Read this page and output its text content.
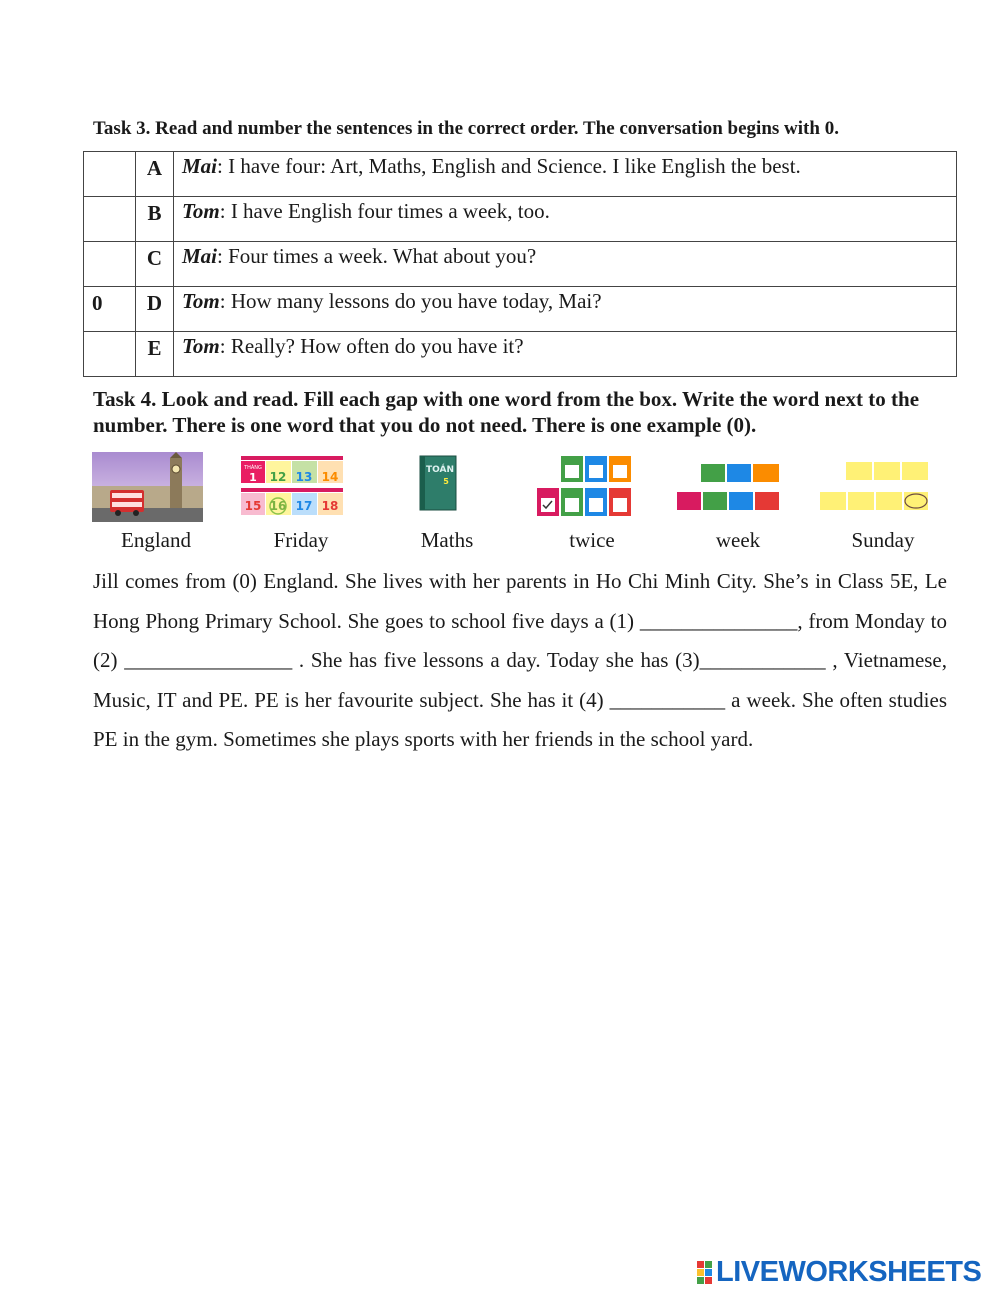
Task 3. Read and number the sentences in the correct order. The conversation begins with 0.
	A	Mai: I have four: Art, Maths, English and Science. I like English the best.
	B	Tom: I have English four times a week, too.
	C	Mai: Four times a week. What about you?
0	D	Tom: How many lessons do you have today, Mai?
	E	Tom: Really? How often do you have it?
Task 4. Look and read. Fill each gap with one word from the box. Write the word next to the number. There is one word that you do not need. There is one example (0).
THÁNG
1 12 13 14
15 16 17 18
TOÁN
5
England	Friday	Maths	twice	week	Sunday
Jill comes from (0) England. She lives with her parents in Ho Chi Minh City. She’s in Class 5E, Le Hong Phong Primary School. She goes to school five days a (1) _______________, from Monday to (2) ________________ . She has five lessons a day. Today she has (3)____________ , Vietnamese, Music, IT and PE. PE is her favourite subject. She has it (4) ___________ a week. She often studies PE in the gym. Sometimes she plays sports with her friends in the school yard.
LIVEWORKSHEETS
